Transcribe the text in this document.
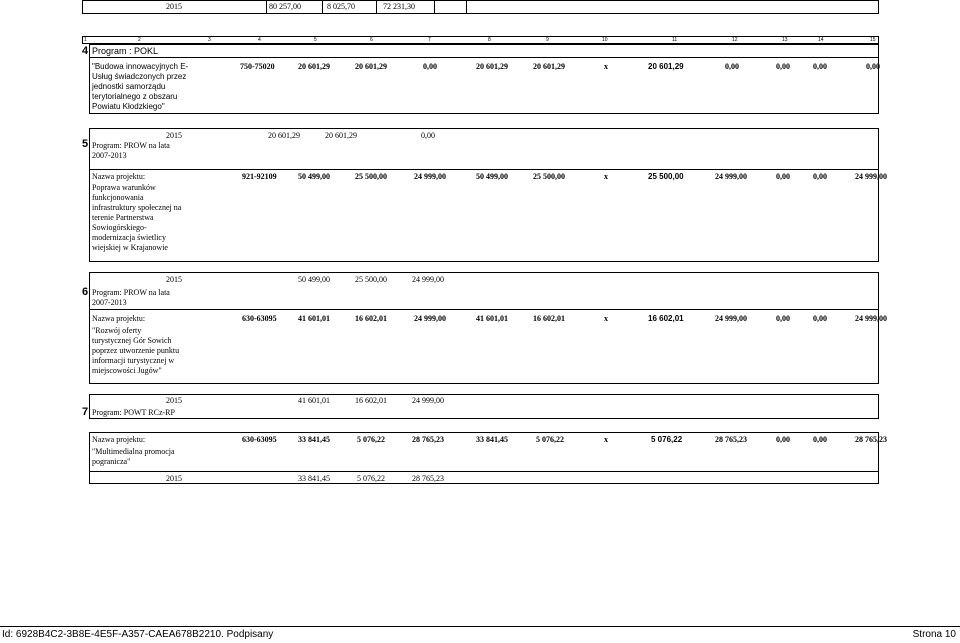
2015	80 257,00	8 025,70	72 231,30
1	2	3	4	5	6	7	8	9	10	11	12	13	14	15
4 Program : POKL
"Budowa innowacyjnych E-Usług świadczonych przez jednostki samorządu terytorialnego z obszaru Powiatu Kłodzkiego"
750-75020	20 601,29	20 601,29	0,00	20 601,29	20 601,29	x	20 601,29	0,00	0,00	0,00	0,00
2015	20 601,29	20 601,29	0,00
5 Program: PROW na lata 2007-2013
Nazwa projektu:
Poprawa warunków funkcjonowania infrastruktury społecznej na terenie Partnerstwa Sowiogórskiego- modernizacja świetlicy wiejskiej w Krajanowie
921-92109	50 499,00	25 500,00	24 999,00	50 499,00	25 500,00	x	25 500,00	24 999,00	0,00	0,00	24 999,00
2015	50 499,00	25 500,00	24 999,00
6 Program: PROW na lata 2007-2013
Nazwa projektu:
"Rozwój oferty turystycznej Gór Sowich poprzez utworzenie punktu informacji turystycznej w miejscowości Jugów"
630-63095	41 601,01	16 602,01	24 999,00	41 601,01	16 602,01	x	16 602,01	24 999,00	0,00	0,00	24 999,00
2015	41 601,01	16 602,01	24 999,00
7 Program: POWT RCz-RP
Nazwa projektu:
"Multimedialna promocja pogranicza"
630-63095	33 841,45	5 076,22	28 765,23	33 841,45	5 076,22	x	5 076,22	28 765,23	0,00	0,00	28 765,23
2015	33 841,45	5 076,22	28 765,23
Id: 6928B4C2-3B8E-4E5F-A357-CAEA678B2210. Podpisany	Strona 10
